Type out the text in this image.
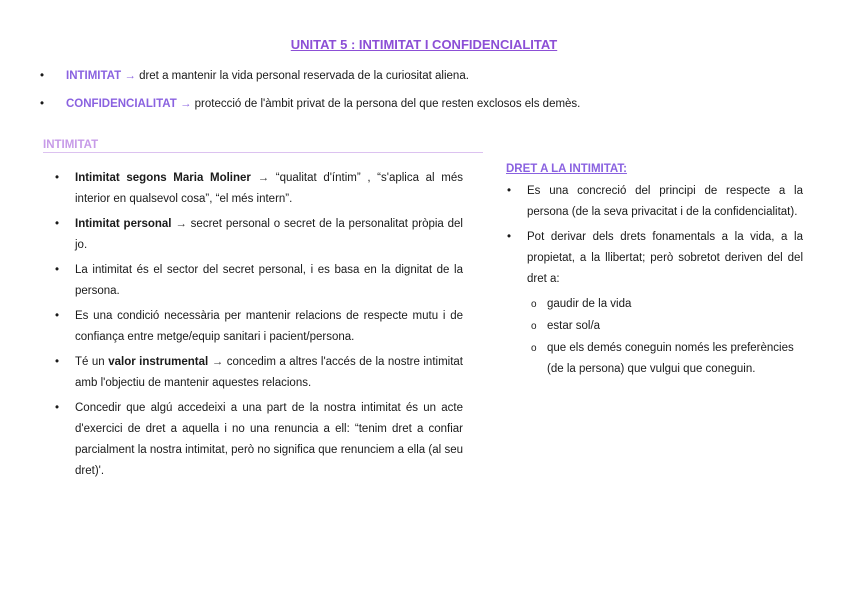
UNITAT 5 : INTIMITAT I CONFIDENCIALITAT
• INTIMITAT → dret a mantenir la vida personal reservada de la curiositat aliena.
• CONFIDENCIALITAT → protecció de l'àmbit privat de la persona del que resten exclosos els demès.
INTIMITAT
• Intimitat segons Maria Moliner → “qualitat d'íntim” , “s'aplica al més interior en qualsevol cosa”, “el més intern”.
• Intimitat personal → secret personal o secret de la personalitat pròpia del jo.
• La intimitat és el sector del secret personal, i es basa en la dignitat de la persona.
• Es una condició necessària per mantenir relacions de respecte mutu i de confiança entre metge/equip sanitari i pacient/persona.
• Té un valor instrumental → concedim a altres l'accés de la nostre intimitat amb l'objectiu de mantenir aquestes relacions.
• Concedir que algú accedeixi a una part de la nostra intimitat és un acte d'exercici de dret a aquella i no una renuncia a ell: “tenim dret a confiar parcialment la nostra intimitat, però no significa que renunciem a ella (al seu dret)'.
DRET A LA INTIMITAT:
• Es una concreció del principi de respecte a la persona (de la seva privacitat i de la confidencialitat).
• Pot derivar dels drets fonamentals a la vida, a la propietat, a la llibertat; però sobretot deriven del del dret a:
o gaudir de la vida
o estar sol/a
o que els demés coneguin només les preferències (de la persona) que vulgui que coneguin.
